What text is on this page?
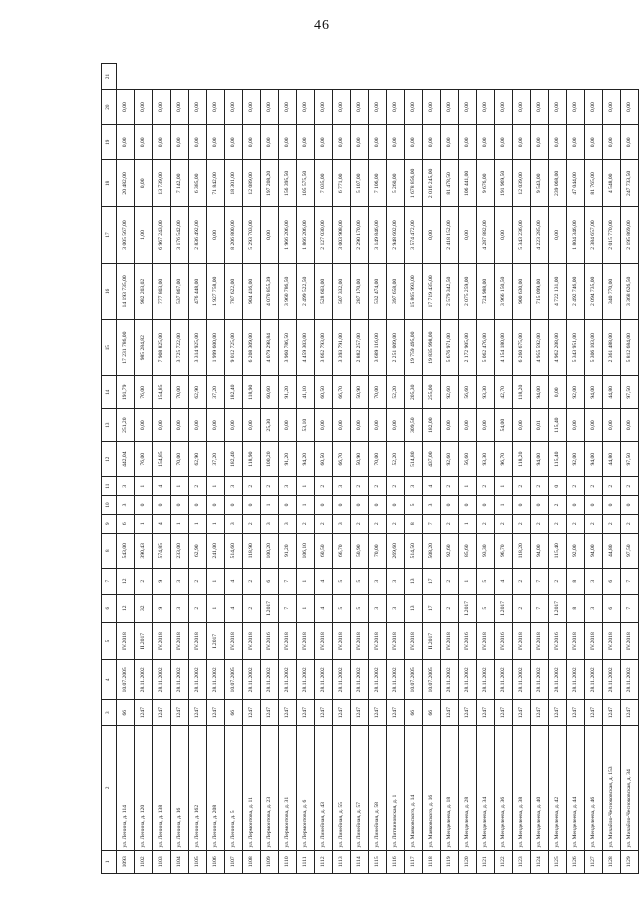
46
1	2	3	4	5	6	7	8	9	10	11	12	13	14	15	16	17	18	19	20	21
1093	ул. Ленина, д. 114	66	10.07.2005	IV.2018	12	12	543,00	6	3	3	442,04	251,20	191,79	17 231 786,00	14 193 735,00	3 005 567,00	20 482,00	0,00	0,00	
1102	ул. Ленина, д. 120	1247	28.11.2002	II.2017	32	2	390,43	1	0	1	76,00	0,00	76,00	985 284,82	982 203,02	1,00	0,00	0,00	0,00	
1103	ул. Ленина, д. 138	1247	28.11.2002	IV.2018	9	9	574,85	4	0	4	154,85	0,00	154,85	7 908 825,00	777 803,00	6 967 243,00	13 739,00	0,00	0,00	
1104	ул. Ленина, д. 16	1247	28.11.2002	IV.2018	3	3	233,00	1	0	1	70,00	0,00	70,00	3 725 722,00	537 867,00	3 176 542,00	7 142,00	0,00	0,00	
1105	ул. Ленина, д. 162	1247	28.11.2002	IV.2018	2	2	62,90	1	0	2	62,90	0,00	62,90	3 314 925,00	476 448,00	2 836 492,00	6 385,00	0,00	0,00	
1106	ул. Ленина, д. 208	1247	28.11.2002	I.2017	1	1	241,00	1	0	1	37,20	0,00	37,20	1 999 600,00	1 927 758,00	0,00	71 842,00	0,00	0,00	
1107	ул. Ленина, д. 5	66	10.07.2005	IV.2018	4	4	514,60	3	0	3	182,40	0,00	182,40	9 012 725,00	787 622,00	8 206 800,00	18 301,00	0,00	0,00	
1108	ул. Лермонтова, д. 11	1247	28.11.2002	IV.2018	2	2	118,90	2	0	2	118,90	0,00	118,90	6 208 309,00	904 416,00	5 293 703,00	12 089,00	0,00	0,00	
1109	ул. Лермонтова, д. 23	1247	28.11.2002	IV.2016	I.2017	6	100,20	3	1	2	100,20	25,30	60,60	4 079 298,84	4 070 855,39	0,00	197 208,20	0,00	0,00	
1110	ул. Лермонтова, д. 31	1247	28.11.2002	IV.2018	7	7	91,20	3	0	3	91,20	0,00	91,20	3 960 786,50	3 960 786,50	1 966 206,00	156 395,50	0,00	0,00	
1111	ул. Лермонтова, д. 6	1247	28.11.2002	IV.2018	1	1	106,10	2	1	1	94,20	53,10	41,10	4 459 303,00	2 499 522,50	1 866 206,00	105 575,50	0,00	0,00	
1112	ул. Линейная, д. 43	1247	28.11.2002	IV.2018	4	4	60,50	2	0	2	60,50	0,00	60,50	3 662 793,00	528 603,00	2 127 030,00	7 035,00	0,00	0,00	
1113	ул. Линейная, д. 55	1247	28.11.2002	IV.2018	5	5	66,70	3	0	3	66,70	0,00	66,70	3 393 791,00	507 332,00	3 003 908,00	6 771,00	0,00	0,00	
1114	ул. Линейная, д. 57	1247	28.11.2002	IV.2018	5	5	50,90	2	0	2	50,90	0,00	50,90	2 882 257,00	287 170,00	2 290 170,00	5 107,00	0,00	0,00	
1115	ул. Линейная, д. 58	1247	28.11.2002	IV.2018	3	3	70,00	2	0	2	70,00	0,00	70,00	3 689 116,00	532 474,00	3 149 846,00	7 106,00	0,00	0,00	
1116	ул. Литвиновская, д. 1	1247	28.11.2002	IV.2018	3	3	269,60	2	0	2	52,20	0,00	52,20	2 251 009,00	397 658,00	2 948 602,00	5 260,00	0,00	0,00	
1117	ул. Маяковского, д. 14	66	10.07.2005	IV.2018	13	13	514,50	8	5	3	514,80	309,50	205,30	19 759 495,00	15 865 993,00	3 574 472,00	1 678 856,00	0,00	0,00	
1118	ул. Маяковского, д. 16	66	10.07.2005	II.2017	17	17	508,20	7	3	4	437,00	182,00	255,00	19 835 998,00	17 719 435,00	0,00	2 016 245,00	0,00	0,00	
1119	ул. Менделеева, д. 18	1247	28.11.2002	IV.2018	2	2	92,60	2	0	2	92,60	0,00	92,60	5 676 971,00	2 579 342,50	2 418 152,00	81 478,50	0,00	0,00	
1120	ул. Менделеева, д. 28	1247	28.11.2002	IV.2016	I.2017	1	85,60	1	0	1	56,60	0,00	56,60	2 172 905,00	2 075 259,00	0,00	106 441,00	0,00	0,00	
1121	ул. Менделеева, д. 34	1247	28.11.2002	IV.2018	5	5	93,30	2	0	2	93,30	0,00	93,30	5 062 476,00	724 988,00	4 287 882,00	9 676,00	0,00	0,00	
1122	ул. Менделеева, д. 36	1247	28.11.2002	IV.2016	I.2017	4	96,70	2	1	1	96,70	54,00	42,70	4 154 180,00	3 966 150,50	0,00	191 969,50	0,00	0,00	
1123	ул. Менделеева, д. 38	1247	28.11.2002	IV.2018	2	2	118,20	2	0	2	118,20	0,00	118,20	6 260 675,00	900 630,00	5 343 236,00	12 039,00	0,00	0,00	
1124	ул. Менделеева, д. 40	1247	28.11.2002	IV.2018	7	7	94,00	2	0	2	94,00	0,01	94,00	4 955 592,00	715 099,00	4 223 285,00	9 543,00	0,00	0,00	
1125	ул. Менделеева, д. 42	1247	28.11.2002	IV.2016	I.2017	2	115,40	2	2	0	115,40	115,40	0,00	4 962 208,00	4 722 131,00	0,00	239 068,00	0,00	0,00	
1126	ул. Менделеева, д. 44	1247	28.11.2002	IV.2018	8	8	92,00	2	0	2	92,00	0,00	92,00	5 343 951,00	2 492 746,00	1 804 346,00	47 044,00	0,00	0,00	
1127	ул. Менделеева, д. 46	1247	28.11.2002	IV.2018	3	3	94,00	2	0	2	94,00	0,00	94,00	5 306 103,00	2 094 735,00	2 384 657,00	81 765,00	0,00	0,00	
1128	ул. Михайло-Чесноковская, д. 153	1247	28.11.2002	IV.2018	6	6	44,80	2	0	2	44,80	0,00	44,80	2 361 488,00	340 770,00	2 015 770,00	4 548,00	0,00	0,00	
1129	ул. Михайло-Чесноковская, д. 34	1247	28.11.2002	IV.2018	7	7	97,50	2	0	2	97,50	0,00	97,50	5 812 684,00	3 368 626,50	2 195 869,00	247 733,50	0,00	0,00	
